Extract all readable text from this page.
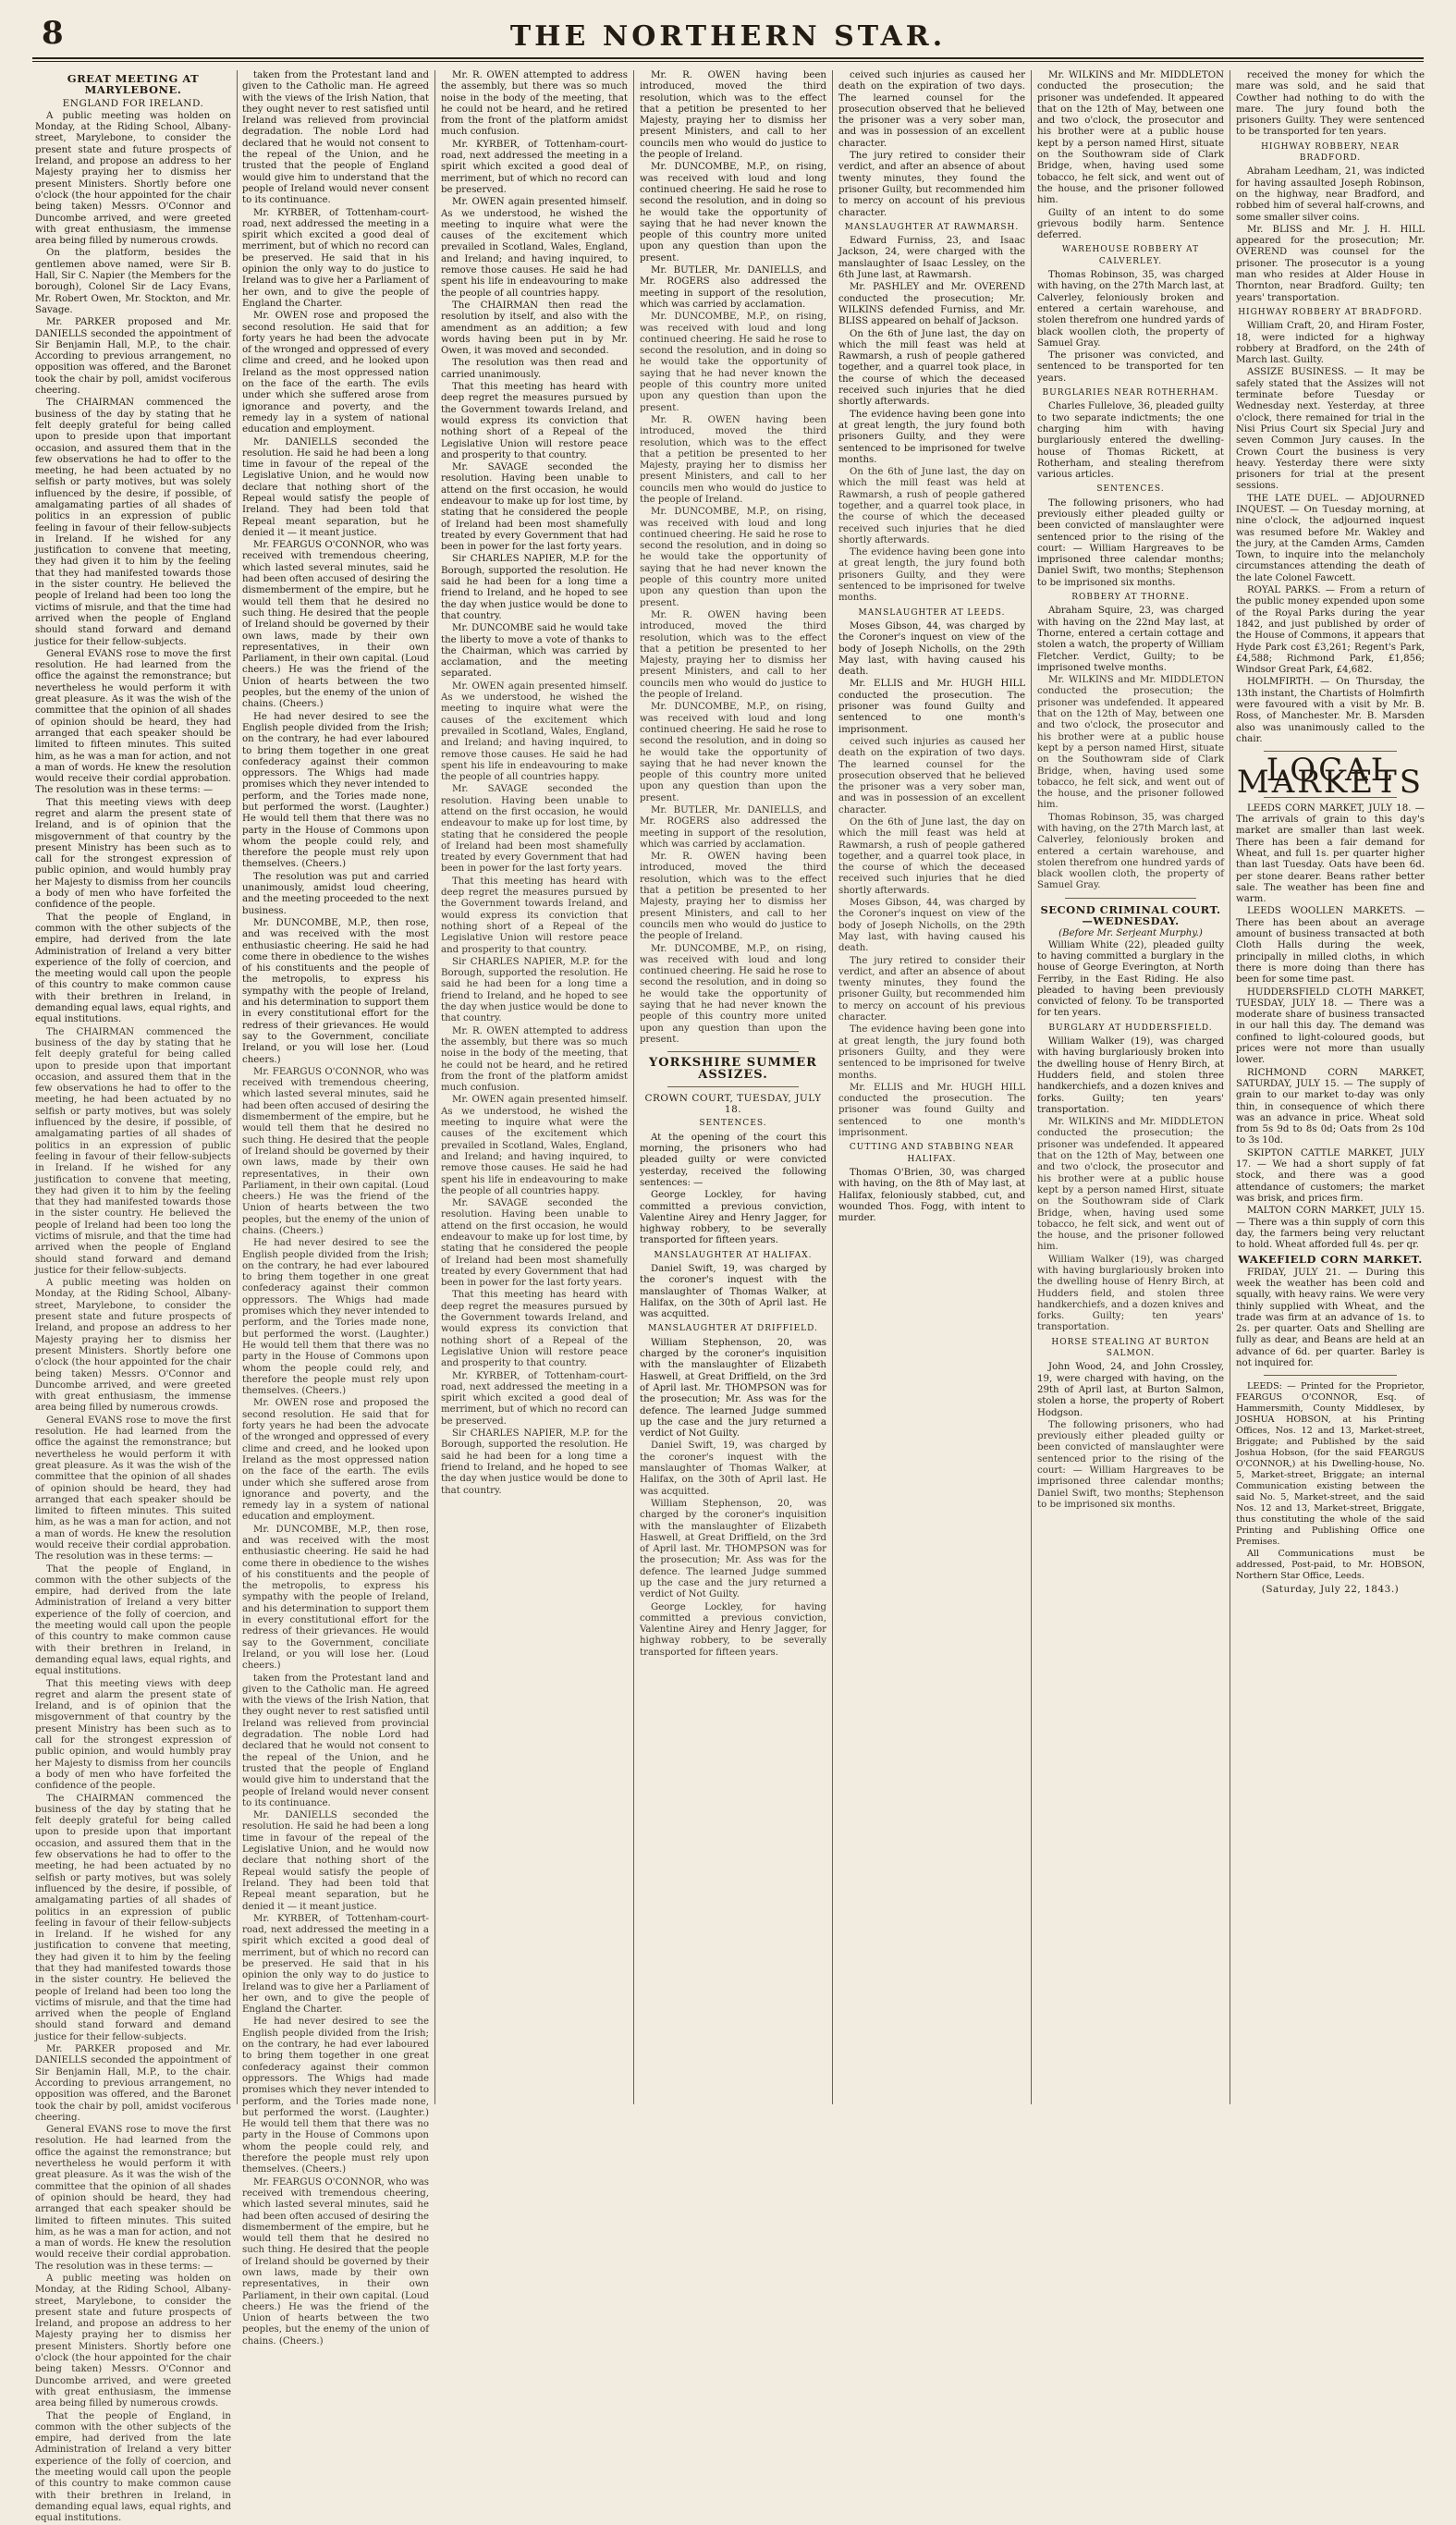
8	THE NORTHERN STAR.
GREAT MEETING AT MARYLEBONE.
ENGLAND FOR IRELAND.

A public meeting was holden on Monday, at the Riding School, Albany-street, Marylebone, to consider the present state and future prospects of Ireland, and propose an address to her Majesty praying her to dismiss her present Ministers. Shortly before one o'clock (the hour appointed for the chair being taken) Messrs. O'Connor and Duncombe arrived, and were greeted with great enthusiasm, the immense area being filled by numerous crowds.

On the platform, besides the gentlemen above named, were Sir B. Hall, Sir C. Napier (the Members for the borough), Colonel Sir de Lacy Evans, Mr. Robert Owen, Mr. Stockton, and Mr. Savage.

Mr. PARKER proposed and Mr. DANIELLS seconded the appointment of Sir Benjamin Hall, M.P., to the chair. According to previous arrangement, no opposition was offered, and the Baronet took the chair by poll, amidst vociferous cheering.

The CHAIRMAN commenced the business of the day by stating that he felt deeply grateful for being called upon to preside upon that important occasion, and assured them that in the few observations he had to offer to the meeting, he had been actuated by no selfish or party motives, but was solely influenced by the desire, if possible, of amalgamating parties of all shades of politics in an expression of public feeling in favour of their fellow-subjects in Ireland. If he wished for any justification to convene that meeting, they had given it to him by the feeling that they had manifested towards those in the sister country. He believed the people of Ireland had been too long the victims of misrule, and that the time had arrived when the people of England should stand forward and demand justice for their fellow-subjects.

General EVANS rose to move the first resolution. He had learned from the office the against the remonstrance; but nevertheless he would perform it with great pleasure. As it was the wish of the committee that the opinion of all shades of opinion should be heard, they had arranged that each speaker should be limited to fifteen minutes. This suited him, as he was a man for action, and not a man of words. He knew the resolution would receive their cordial approbation. The resolution was in these terms: —

That this meeting views with deep regret and alarm the present state of Ireland, and is of opinion that the misgovernment of that country by the present Ministry has been such as to call for the strongest expression of public opinion, and would humbly pray her Majesty to dismiss from her councils a body of men who have forfeited the confidence of the people.

That the people of England, in common with the other subjects of the empire, had derived from the late Administration of Ireland a very bitter experience of the folly of coercion, and the meeting would call upon the people of this country to make common cause with their brethren in Ireland, in demanding equal laws, equal rights, and equal institutions.

The CHAIRMAN commenced the business of the day by stating that he felt deeply grateful for being called upon to preside upon that important occasion, and assured them that in the few observations he had to offer to the meeting, he had been actuated by no selfish or party motives, but was solely influenced by the desire, if possible, of amalgamating parties of all shades of politics in an expression of public feeling in favour of their fellow-subjects in Ireland. If he wished for any justification to convene that meeting, they had given it to him by the feeling that they had manifested towards those in the sister country. He believed the people of Ireland had been too long the victims of misrule, and that the time had arrived when the people of England should stand forward and demand justice for their fellow-subjects.

A public meeting was holden on Monday, at the Riding School, Albany-street, Marylebone, to consider the present state and future prospects of Ireland, and propose an address to her Majesty praying her to dismiss her present Ministers. Shortly before one o'clock (the hour appointed for the chair being taken) Messrs. O'Connor and Duncombe arrived, and were greeted with great enthusiasm, the immense area being filled by numerous crowds.

General EVANS rose to move the first resolution. He had learned from the office the against the remonstrance; but nevertheless he would perform it with great pleasure. As it was the wish of the committee that the opinion of all shades of opinion should be heard, they had arranged that each speaker should be limited to fifteen minutes. This suited him, as he was a man for action, and not a man of words. He knew the resolution would receive their cordial approbation. The resolution was in these terms: —

That the people of England, in common with the other subjects of the empire, had derived from the late Administration of Ireland a very bitter experience of the folly of coercion, and the meeting would call upon the people of this country to make common cause with their brethren in Ireland, in demanding equal laws, equal rights, and equal institutions.

That this meeting views with deep regret and alarm the present state of Ireland, and is of opinion that the misgovernment of that country by the present Ministry has been such as to call for the strongest expression of public opinion, and would humbly pray her Majesty to dismiss from her councils a body of men who have forfeited the confidence of the people.

The CHAIRMAN commenced the business of the day by stating that he felt deeply grateful for being called upon to preside upon that important occasion, and assured them that in the few observations he had to offer to the meeting, he had been actuated by no selfish or party motives, but was solely influenced by the desire, if possible, of amalgamating parties of all shades of politics in an expression of public feeling in favour of their fellow-subjects in Ireland. If he wished for any justification to convene that meeting, they had given it to him by the feeling that they had manifested towards those in the sister country. He believed the people of Ireland had been too long the victims of misrule, and that the time had arrived when the people of England should stand forward and demand justice for their fellow-subjects.

Mr. PARKER proposed and Mr. DANIELLS seconded the appointment of Sir Benjamin Hall, M.P., to the chair. According to previous arrangement, no opposition was offered, and the Baronet took the chair by poll, amidst vociferous cheering.

General EVANS rose to move the first resolution. He had learned from the office the against the remonstrance; but nevertheless he would perform it with great pleasure. As it was the wish of the committee that the opinion of all shades of opinion should be heard, they had arranged that each speaker should be limited to fifteen minutes. This suited him, as he was a man for action, and not a man of words. He knew the resolution would receive their cordial approbation. The resolution was in these terms: —

A public meeting was holden on Monday, at the Riding School, Albany-street, Marylebone, to consider the present state and future prospects of Ireland, and propose an address to her Majesty praying her to dismiss her present Ministers. Shortly before one o'clock (the hour appointed for the chair being taken) Messrs. O'Connor and Duncombe arrived, and were greeted with great enthusiasm, the immense area being filled by numerous crowds.

That the people of England, in common with the other subjects of the empire, had derived from the late Administration of Ireland a very bitter experience of the folly of coercion, and the meeting would call upon the people of this country to make common cause with their brethren in Ireland, in demanding equal laws, equal rights, and equal institutions.

taken from the Protestant land and given to the Catholic man. He agreed with the views of the Irish Nation, that they ought never to rest satisfied until Ireland was relieved from provincial degradation. The noble Lord had declared that he would not consent to the repeal of the Union, and he trusted that the people of England would give him to understand that the people of Ireland would never consent to its continuance.

Mr. KYRBER, of Tottenham-court-road, next addressed the meeting in a spirit which excited a good deal of merriment, but of which no record can be preserved. He said that in his opinion the only way to do justice to Ireland was to give her a Parliament of her own, and to give the people of England the Charter.

Mr. OWEN rose and proposed the second resolution. He said that for forty years he had been the advocate of the wronged and oppressed of every clime and creed, and he looked upon Ireland as the most oppressed nation on the face of the earth. The evils under which she suffered arose from ignorance and poverty, and the remedy lay in a system of national education and employment.

Mr. DANIELLS seconded the resolution. He said he had been a long time in favour of the repeal of the Legislative Union, and he would now declare that nothing short of the Repeal would satisfy the people of Ireland. They had been told that Repeal meant separation, but he denied it — it meant justice.

Mr. FEARGUS O'CONNOR, who was received with tremendous cheering, which lasted several minutes, said he had been often accused of desiring the dismemberment of the empire, but he would tell them that he desired no such thing. He desired that the people of Ireland should be governed by their own laws, made by their own representatives, in their own Parliament, in their own capital. (Loud cheers.) He was the friend of the Union of hearts between the two peoples, but the enemy of the union of chains. (Cheers.)

He had never desired to see the English people divided from the Irish; on the contrary, he had ever laboured to bring them together in one great confederacy against their common oppressors. The Whigs had made promises which they never intended to perform, and the Tories made none, but performed the worst. (Laughter.) He would tell them that there was no party in the House of Commons upon whom the people could rely, and therefore the people must rely upon themselves. (Cheers.)

The resolution was put and carried unanimously, amidst loud cheering, and the meeting proceeded to the next business.

Mr. DUNCOMBE, M.P., then rose, and was received with the most enthusiastic cheering. He said he had come there in obedience to the wishes of his constituents and the people of the metropolis, to express his sympathy with the people of Ireland, and his determination to support them in every constitutional effort for the redress of their grievances. He would say to the Government, conciliate Ireland, or you will lose her. (Loud cheers.)

Mr. FEARGUS O'CONNOR, who was received with tremendous cheering, which lasted several minutes, said he had been often accused of desiring the dismemberment of the empire, but he would tell them that he desired no such thing. He desired that the people of Ireland should be governed by their own laws, made by their own representatives, in their own Parliament, in their own capital. (Loud cheers.) He was the friend of the Union of hearts between the two peoples, but the enemy of the union of chains. (Cheers.)

He had never desired to see the English people divided from the Irish; on the contrary, he had ever laboured to bring them together in one great confederacy against their common oppressors. The Whigs had made promises which they never intended to perform, and the Tories made none, but performed the worst. (Laughter.) He would tell them that there was no party in the House of Commons upon whom the people could rely, and therefore the people must rely upon themselves. (Cheers.)

Mr. OWEN rose and proposed the second resolution. He said that for forty years he had been the advocate of the wronged and oppressed of every clime and creed, and he looked upon Ireland as the most oppressed nation on the face of the earth. The evils under which she suffered arose from ignorance and poverty, and the remedy lay in a system of national education and employment.

Mr. DUNCOMBE, M.P., then rose, and was received with the most enthusiastic cheering. He said he had come there in obedience to the wishes of his constituents and the people of the metropolis, to express his sympathy with the people of Ireland, and his determination to support them in every constitutional effort for the redress of their grievances. He would say to the Government, conciliate Ireland, or you will lose her. (Loud cheers.)

taken from the Protestant land and given to the Catholic man. He agreed with the views of the Irish Nation, that they ought never to rest satisfied until Ireland was relieved from provincial degradation. The noble Lord had declared that he would not consent to the repeal of the Union, and he trusted that the people of England would give him to understand that the people of Ireland would never consent to its continuance.

Mr. DANIELLS seconded the resolution. He said he had been a long time in favour of the repeal of the Legislative Union, and he would now declare that nothing short of the Repeal would satisfy the people of Ireland. They had been told that Repeal meant separation, but he denied it — it meant justice.

Mr. KYRBER, of Tottenham-court-road, next addressed the meeting in a spirit which excited a good deal of merriment, but of which no record can be preserved. He said that in his opinion the only way to do justice to Ireland was to give her a Parliament of her own, and to give the people of England the Charter.

He had never desired to see the English people divided from the Irish; on the contrary, he had ever laboured to bring them together in one great confederacy against their common oppressors. The Whigs had made promises which they never intended to perform, and the Tories made none, but performed the worst. (Laughter.) He would tell them that there was no party in the House of Commons upon whom the people could rely, and therefore the people must rely upon themselves. (Cheers.)

Mr. FEARGUS O'CONNOR, who was received with tremendous cheering, which lasted several minutes, said he had been often accused of desiring the dismemberment of the empire, but he would tell them that he desired no such thing. He desired that the people of Ireland should be governed by their own laws, made by their own representatives, in their own Parliament, in their own capital. (Loud cheers.) He was the friend of the Union of hearts between the two peoples, but the enemy of the union of chains. (Cheers.)

Mr. R. OWEN attempted to address the assembly, but there was so much noise in the body of the meeting, that he could not be heard, and he retired from the front of the platform amidst much confusion.

Mr. KYRBER, of Tottenham-court-road, next addressed the meeting in a spirit which excited a good deal of merriment, but of which no record can be preserved.

Mr. OWEN again presented himself. As we understood, he wished the meeting to inquire what were the causes of the excitement which prevailed in Scotland, Wales, England, and Ireland; and having inquired, to remove those causes. He said he had spent his life in endeavouring to make the people of all countries happy.

The CHAIRMAN then read the resolution by itself, and also with the amendment as an addition; a few words having been put in by Mr. Owen, it was moved and seconded.

The resolution was then read and carried unanimously.

That this meeting has heard with deep regret the measures pursued by the Government towards Ireland, and would express its conviction that nothing short of a Repeal of the Legislative Union will restore peace and prosperity to that country.

Mr. SAVAGE seconded the resolution. Having been unable to attend on the first occasion, he would endeavour to make up for lost time, by stating that he considered the people of Ireland had been most shamefully treated by every Government that had been in power for the last forty years.

Sir CHARLES NAPIER, M.P. for the Borough, supported the resolution. He said he had been for a long time a friend to Ireland, and he hoped to see the day when justice would be done to that country.

Mr. DUNCOMBE said he would take the liberty to move a vote of thanks to the Chairman, which was carried by acclamation, and the meeting separated.

Mr. OWEN again presented himself. As we understood, he wished the meeting to inquire what were the causes of the excitement which prevailed in Scotland, Wales, England, and Ireland; and having inquired, to remove those causes. He said he had spent his life in endeavouring to make the people of all countries happy.

Mr. SAVAGE seconded the resolution. Having been unable to attend on the first occasion, he would endeavour to make up for lost time, by stating that he considered the people of Ireland had been most shamefully treated by every Government that had been in power for the last forty years.

That this meeting has heard with deep regret the measures pursued by the Government towards Ireland, and would express its conviction that nothing short of a Repeal of the Legislative Union will restore peace and prosperity to that country.

Sir CHARLES NAPIER, M.P. for the Borough, supported the resolution. He said he had been for a long time a friend to Ireland, and he hoped to see the day when justice would be done to that country.

Mr. R. OWEN attempted to address the assembly, but there was so much noise in the body of the meeting, that he could not be heard, and he retired from the front of the platform amidst much confusion.

Mr. OWEN again presented himself. As we understood, he wished the meeting to inquire what were the causes of the excitement which prevailed in Scotland, Wales, England, and Ireland; and having inquired, to remove those causes. He said he had spent his life in endeavouring to make the people of all countries happy.

Mr. SAVAGE seconded the resolution. Having been unable to attend on the first occasion, he would endeavour to make up for lost time, by stating that he considered the people of Ireland had been most shamefully treated by every Government that had been in power for the last forty years.

That this meeting has heard with deep regret the measures pursued by the Government towards Ireland, and would express its conviction that nothing short of a Repeal of the Legislative Union will restore peace and prosperity to that country.

Mr. KYRBER, of Tottenham-court-road, next addressed the meeting in a spirit which excited a good deal of merriment, but of which no record can be preserved.

Sir CHARLES NAPIER, M.P. for the Borough, supported the resolution. He said he had been for a long time a friend to Ireland, and he hoped to see the day when justice would be done to that country.

Mr. R. OWEN having been introduced, moved the third resolution, which was to the effect that a petition be presented to her Majesty, praying her to dismiss her present Ministers, and call to her councils men who would do justice to the people of Ireland.

Mr. DUNCOMBE, M.P., on rising, was received with loud and long continued cheering. He said he rose to second the resolution, and in doing so he would take the opportunity of saying that he had never known the people of this country more united upon any question than upon the present.

Mr. BUTLER, Mr. DANIELLS, and Mr. ROGERS also addressed the meeting in support of the resolution, which was carried by acclamation.

Mr. DUNCOMBE, M.P., on rising, was received with loud and long continued cheering. He said he rose to second the resolution, and in doing so he would take the opportunity of saying that he had never known the people of this country more united upon any question than upon the present.

Mr. R. OWEN having been introduced, moved the third resolution, which was to the effect that a petition be presented to her Majesty, praying her to dismiss her present Ministers, and call to her councils men who would do justice to the people of Ireland.

Mr. DUNCOMBE, M.P., on rising, was received with loud and long continued cheering. He said he rose to second the resolution, and in doing so he would take the opportunity of saying that he had never known the people of this country more united upon any question than upon the present.

Mr. R. OWEN having been introduced, moved the third resolution, which was to the effect that a petition be presented to her Majesty, praying her to dismiss her present Ministers, and call to her councils men who would do justice to the people of Ireland.

Mr. DUNCOMBE, M.P., on rising, was received with loud and long continued cheering. He said he rose to second the resolution, and in doing so he would take the opportunity of saying that he had never known the people of this country more united upon any question than upon the present.

Mr. BUTLER, Mr. DANIELLS, and Mr. ROGERS also addressed the meeting in support of the resolution, which was carried by acclamation.

Mr. R. OWEN having been introduced, moved the third resolution, which was to the effect that a petition be presented to her Majesty, praying her to dismiss her present Ministers, and call to her councils men who would do justice to the people of Ireland.

Mr. DUNCOMBE, M.P., on rising, was received with loud and long continued cheering. He said he rose to second the resolution, and in doing so he would take the opportunity of saying that he had never known the people of this country more united upon any question than upon the present.

YORKSHIRE SUMMER ASSIZES.
CROWN COURT, TUESDAY, JULY 18.
SENTENCES.

At the opening of the court this morning, the prisoners who had pleaded guilty or were convicted yesterday, received the following sentences: —

George Lockley, for having committed a previous conviction, Valentine Airey and Henry Jagger, for highway robbery, to be severally transported for fifteen years.

MANSLAUGHTER AT HALIFAX.

Daniel Swift, 19, was charged by the coroner's inquest with the manslaughter of Thomas Walker, at Halifax, on the 30th of April last. He was acquitted.

MANSLAUGHTER AT DRIFFIELD.

William Stephenson, 20, was charged by the coroner's inquisition with the manslaughter of Elizabeth Haswell, at Great Driffield, on the 3rd of April last. Mr. THOMPSON was for the prosecution; Mr. Ass was for the defence. The learned Judge summed up the case and the jury returned a verdict of Not Guilty.

Daniel Swift, 19, was charged by the coroner's inquest with the manslaughter of Thomas Walker, at Halifax, on the 30th of April last. He was acquitted.

William Stephenson, 20, was charged by the coroner's inquisition with the manslaughter of Elizabeth Haswell, at Great Driffield, on the 3rd of April last. Mr. THOMPSON was for the prosecution; Mr. Ass was for the defence. The learned Judge summed up the case and the jury returned a verdict of Not Guilty.

George Lockley, for having committed a previous conviction, Valentine Airey and Henry Jagger, for highway robbery, to be severally transported for fifteen years.

ceived such injuries as caused her death on the expiration of two days. The learned counsel for the prosecution observed that he believed the prisoner was a very sober man, and was in possession of an excellent character.

The jury retired to consider their verdict, and after an absence of about twenty minutes, they found the prisoner Guilty, but recommended him to mercy on account of his previous character.

MANSLAUGHTER AT RAWMARSH.

Edward Furniss, 23, and Isaac Jackson, 24, were charged with the manslaughter of Isaac Lessley, on the 6th June last, at Rawmarsh.

Mr. PASHLEY and Mr. OVEREND conducted the prosecution; Mr. WILKINS defended Furniss, and Mr. BLISS appeared on behalf of Jackson.

On the 6th of June last, the day on which the mill feast was held at Rawmarsh, a rush of people gathered together, and a quarrel took place, in the course of which the deceased received such injuries that he died shortly afterwards.

The evidence having been gone into at great length, the jury found both prisoners Guilty, and they were sentenced to be imprisoned for twelve months.

On the 6th of June last, the day on which the mill feast was held at Rawmarsh, a rush of people gathered together, and a quarrel took place, in the course of which the deceased received such injuries that he died shortly afterwards.

The evidence having been gone into at great length, the jury found both prisoners Guilty, and they were sentenced to be imprisoned for twelve months.

MANSLAUGHTER AT LEEDS.

Moses Gibson, 44, was charged by the Coroner's inquest on view of the body of Joseph Nicholls, on the 29th May last, with having caused his death.

Mr. ELLIS and Mr. HUGH HILL conducted the prosecution. The prisoner was found Guilty and sentenced to one month's imprisonment.

ceived such injuries as caused her death on the expiration of two days. The learned counsel for the prosecution observed that he believed the prisoner was a very sober man, and was in possession of an excellent character.

On the 6th of June last, the day on which the mill feast was held at Rawmarsh, a rush of people gathered together, and a quarrel took place, in the course of which the deceased received such injuries that he died shortly afterwards.

Moses Gibson, 44, was charged by the Coroner's inquest on view of the body of Joseph Nicholls, on the 29th May last, with having caused his death.

The jury retired to consider their verdict, and after an absence of about twenty minutes, they found the prisoner Guilty, but recommended him to mercy on account of his previous character.

The evidence having been gone into at great length, the jury found both prisoners Guilty, and they were sentenced to be imprisoned for twelve months.

Mr. ELLIS and Mr. HUGH HILL conducted the prosecution. The prisoner was found Guilty and sentenced to one month's imprisonment.

CUTTING AND STABBING NEAR HALIFAX.

Thomas O'Brien, 30, was charged with having, on the 8th of May last, at Halifax, feloniously stabbed, cut, and wounded Thos. Fogg, with intent to murder.

Mr. WILKINS and Mr. MIDDLETON conducted the prosecution; the prisoner was undefended. It appeared that on the 12th of May, between one and two o'clock, the prosecutor and his brother were at a public house kept by a person named Hirst, situate on the Southowram side of Clark Bridge, when, having used some tobacco, he felt sick, and went out of the house, and the prisoner followed him.

Guilty of an intent to do some grievous bodily harm. Sentence deferred.

WAREHOUSE ROBBERY AT CALVERLEY.

Thomas Robinson, 35, was charged with having, on the 27th March last, at Calverley, feloniously broken and entered a certain warehouse, and stolen therefrom one hundred yards of black woollen cloth, the property of Samuel Gray.

The prisoner was convicted, and sentenced to be transported for ten years.

BURGLARIES NEAR ROTHERHAM.

Charles Fullelove, 36, pleaded guilty to two separate indictments; the one charging him with having burglariously entered the dwelling-house of Thomas Rickett, at Rotherham, and stealing therefrom various articles.

SENTENCES.

The following prisoners, who had previously either pleaded guilty or been convicted of manslaughter were sentenced prior to the rising of the court: — William Hargreaves to be imprisoned three calendar months; Daniel Swift, two months; Stephenson to be imprisoned six months.

ROBBERY AT THORNE.

Abraham Squire, 23, was charged with having on the 22nd May last, at Thorne, entered a certain cottage and stolen a watch, the property of William Fletcher. Verdict, Guilty; to be imprisoned twelve months.

Mr. WILKINS and Mr. MIDDLETON conducted the prosecution; the prisoner was undefended. It appeared that on the 12th of May, between one and two o'clock, the prosecutor and his brother were at a public house kept by a person named Hirst, situate on the Southowram side of Clark Bridge, when, having used some tobacco, he felt sick, and went out of the house, and the prisoner followed him.

Thomas Robinson, 35, was charged with having, on the 27th March last, at Calverley, feloniously broken and entered a certain warehouse, and stolen therefrom one hundred yards of black woollen cloth, the property of Samuel Gray.

SECOND CRIMINAL COURT.—WEDNESDAY.
(Before Mr. Serjeant Murphy.)

William White (22), pleaded guilty to having committed a burglary in the house of George Everington, at North Ferriby, in the East Riding. He also pleaded to having been previously convicted of felony. To be transported for ten years.

BURGLARY AT HUDDERSFIELD.

William Walker (19), was charged with having burglariously broken into the dwelling house of Henry Birch, at Hudders field, and stolen three handkerchiefs, and a dozen knives and forks. Guilty; ten years' transportation.

Mr. WILKINS and Mr. MIDDLETON conducted the prosecution; the prisoner was undefended. It appeared that on the 12th of May, between one and two o'clock, the prosecutor and his brother were at a public house kept by a person named Hirst, situate on the Southowram side of Clark Bridge, when, having used some tobacco, he felt sick, and went out of the house, and the prisoner followed him.

William Walker (19), was charged with having burglariously broken into the dwelling house of Henry Birch, at Hudders field, and stolen three handkerchiefs, and a dozen knives and forks. Guilty; ten years' transportation.

HORSE STEALING AT BURTON SALMON.

John Wood, 24, and John Crossley, 19, were charged with having, on the 29th of April last, at Burton Salmon, stolen a horse, the property of Robert Hodgson.

The following prisoners, who had previously either pleaded guilty or been convicted of manslaughter were sentenced prior to the rising of the court: — William Hargreaves to be imprisoned three calendar months; Daniel Swift, two months; Stephenson to be imprisoned six months.

received the money for which the mare was sold, and he said that Cowther had nothing to do with the mare. The jury found both the prisoners Guilty. They were sentenced to be transported for ten years.

HIGHWAY ROBBERY, NEAR BRADFORD.

Abraham Leedham, 21, was indicted for having assaulted Joseph Robinson, on the highway, near Bradford, and robbed him of several half-crowns, and some smaller silver coins.

Mr. BLISS and Mr. J. H. HILL appeared for the prosecution; Mr. OVEREND was counsel for the prisoner. The prosecutor is a young man who resides at Alder House in Thornton, near Bradford. Guilty; ten years' transportation.

HIGHWAY ROBBERY AT BRADFORD.

William Craft, 20, and Hiram Foster, 18, were indicted for a highway robbery at Bradford, on the 24th of March last. Guilty.

ASSIZE BUSINESS. — It may be safely stated that the Assizes will not terminate before Tuesday or Wednesday next. Yesterday, at three o'clock, there remained for trial in the Nisi Prius Court six Special Jury and seven Common Jury causes. In the Crown Court the business is very heavy. Yesterday there were sixty prisoners for trial at the present sessions.

THE LATE DUEL. — ADJOURNED INQUEST. — On Tuesday morning, at nine o'clock, the adjourned inquest was resumed before Mr. Wakley and the jury, at the Camden Arms, Camden Town, to inquire into the melancholy circumstances attending the death of the late Colonel Fawcett.

ROYAL PARKS. — From a return of the public money expended upon some of the Royal Parks during the year 1842, and just published by order of the House of Commons, it appears that Hyde Park cost £3,261; Regent's Park, £4,588; Richmond Park, £1,856; Windsor Great Park, £4,682.

HOLMFIRTH. — On Thursday, the 13th instant, the Chartists of Holmfirth were favoured with a visit by Mr. B. Ross, of Manchester. Mr. B. Marsden also was unanimously called to the chair.

LOCAL MARKETS

LEEDS CORN MARKET, JULY 18. — The arrivals of grain to this day's market are smaller than last week. There has been a fair demand for Wheat, and full 1s. per quarter higher than last Tuesday. Oats have been 6d. per stone dearer. Beans rather better sale. The weather has been fine and warm.

LEEDS WOOLLEN MARKETS. — There has been about an average amount of business transacted at both Cloth Halls during the week, principally in milled cloths, in which there is more doing than there has been for some time past.

HUDDERSFIELD CLOTH MARKET, TUESDAY, JULY 18. — There was a moderate share of business transacted in our hall this day. The demand was confined to light-coloured goods, but prices were not more than usually lower.

RICHMOND CORN MARKET, SATURDAY, JULY 15. — The supply of grain to our market to-day was only thin, in consequence of which there was an advance in price. Wheat sold from 5s 9d to 8s 0d; Oats from 2s 10d to 3s 10d.

SKIPTON CATTLE MARKET, JULY 17. — We had a short supply of fat stock, and there was a good attendance of customers; the market was brisk, and prices firm.

MALTON CORN MARKET, JULY 15. — There was a thin supply of corn this day, the farmers being very reluctant to hold. Wheat afforded full 4s. per qr.

WAKEFIELD CORN MARKET.

FRIDAY, JULY 21. — During this week the weather has been cold and squally, with heavy rains. We were very thinly supplied with Wheat, and the trade was firm at an advance of 1s. to 2s. per quarter. Oats and Shelling are fully as dear, and Beans are held at an advance of 6d. per quarter. Barley is not inquired for.

LEEDS: — Printed for the Proprietor, FEARGUS O'CONNOR, Esq. of Hammersmith, County Middlesex, by JOSHUA HOBSON, at his Printing Offices, Nos. 12 and 13, Market-street, Briggate; and Published by the said Joshua Hobson, (for the said FEARGUS O'CONNOR,) at his Dwelling-house, No. 5, Market-street, Briggate; an internal Communication existing between the said No. 5, Market-street, and the said Nos. 12 and 13, Market-street, Briggate, thus constituting the whole of the said Printing and Publishing Office one Premises.

All Communications must be addressed, Post-paid, to Mr. HOBSON, Northern Star Office, Leeds.

(Saturday, July 22, 1843.)
